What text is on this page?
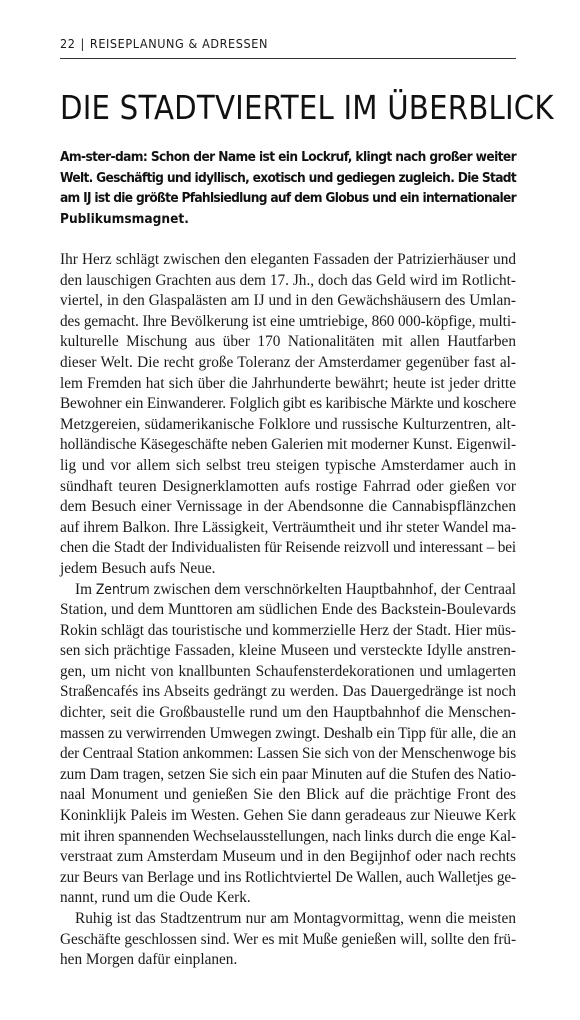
22 | REISEPLANUNG & ADRESSEN
DIE STADTVIERTEL IM ÜBERBLICK

Am-ster-dam: Schon der Name ist ein Lockruf, klingt nach großer weiter
Welt. Geschäftig und idyllisch, exotisch und gediegen zugleich. Die Stadt
am IJ ist die größte Pfahlsiedlung auf dem Globus und ein internationaler
Publikumsmagnet.

Ihr Herz schlägt zwischen den eleganten Fassaden der Patrizierhäuser und
den lauschigen Grachten aus dem 17. Jh., doch das Geld wird im Rotlicht-
viertel, in den Glaspalästen am IJ und in den Gewächshäusern des Umlan-
des gemacht. Ihre Bevölkerung ist eine umtriebige, 860 000-köpfige, multi-
kulturelle Mischung aus über 170 Nationalitäten mit allen Hautfarben
dieser Welt. Die recht große Toleranz der Amsterdamer gegenüber fast al-
lem Fremden hat sich über die Jahrhunderte bewährt; heute ist jeder dritte
Bewohner ein Einwanderer. Folglich gibt es karibische Märkte und koschere
Metzgereien, südamerikanische Folklore und russische Kulturzentren, alt-
holländische Käsegeschäfte neben Galerien mit moderner Kunst. Eigenwil-
lig und vor allem sich selbst treu steigen typische Amsterdamer auch in
sündhaft teuren Designerklamotten aufs rostige Fahrrad oder gießen vor
dem Besuch einer Vernissage in der Abendsonne die Cannabispflänzchen
auf ihrem Balkon. Ihre Lässigkeit, Verträumtheit und ihr steter Wandel ma-
chen die Stadt der Individualisten für Reisende reizvoll und interessant – bei
jedem Besuch aufs Neue.
Im Zentrum zwischen dem verschnörkelten Hauptbahnhof, der Centraal
Station, und dem Munttoren am südlichen Ende des Backstein-Boulevards
Rokin schlägt das touristische und kommerzielle Herz der Stadt. Hier müs-
sen sich prächtige Fassaden, kleine Museen und versteckte Idylle anstren-
gen, um nicht von knallbunten Schaufensterdekorationen und umlagerten
Straßencafés ins Abseits gedrängt zu werden. Das Dauergedränge ist noch
dichter, seit die Großbaustelle rund um den Hauptbahnhof die Menschen-
massen zu verwirrenden Umwegen zwingt. Deshalb ein Tipp für alle, die an
der Centraal Station ankommen: Lassen Sie sich von der Menschenwoge bis
zum Dam tragen, setzen Sie sich ein paar Minuten auf die Stufen des Natio-
naal Monument und genießen Sie den Blick auf die prächtige Front des
Koninklijk Paleis im Westen. Gehen Sie dann geradeaus zur Nieuwe Kerk
mit ihren spannenden Wechselausstellungen, nach links durch die enge Kal-
verstraat zum Amsterdam Museum und in den Begijnhof oder nach rechts
zur Beurs van Berlage und ins Rotlichtviertel De Wallen, auch Walletjes ge-
nannt, rund um die Oude Kerk.
Ruhig ist das Stadtzentrum nur am Montagvormittag, wenn die meisten
Geschäfte geschlossen sind. Wer es mit Muße genießen will, sollte den frü-
hen Morgen dafür einplanen.
